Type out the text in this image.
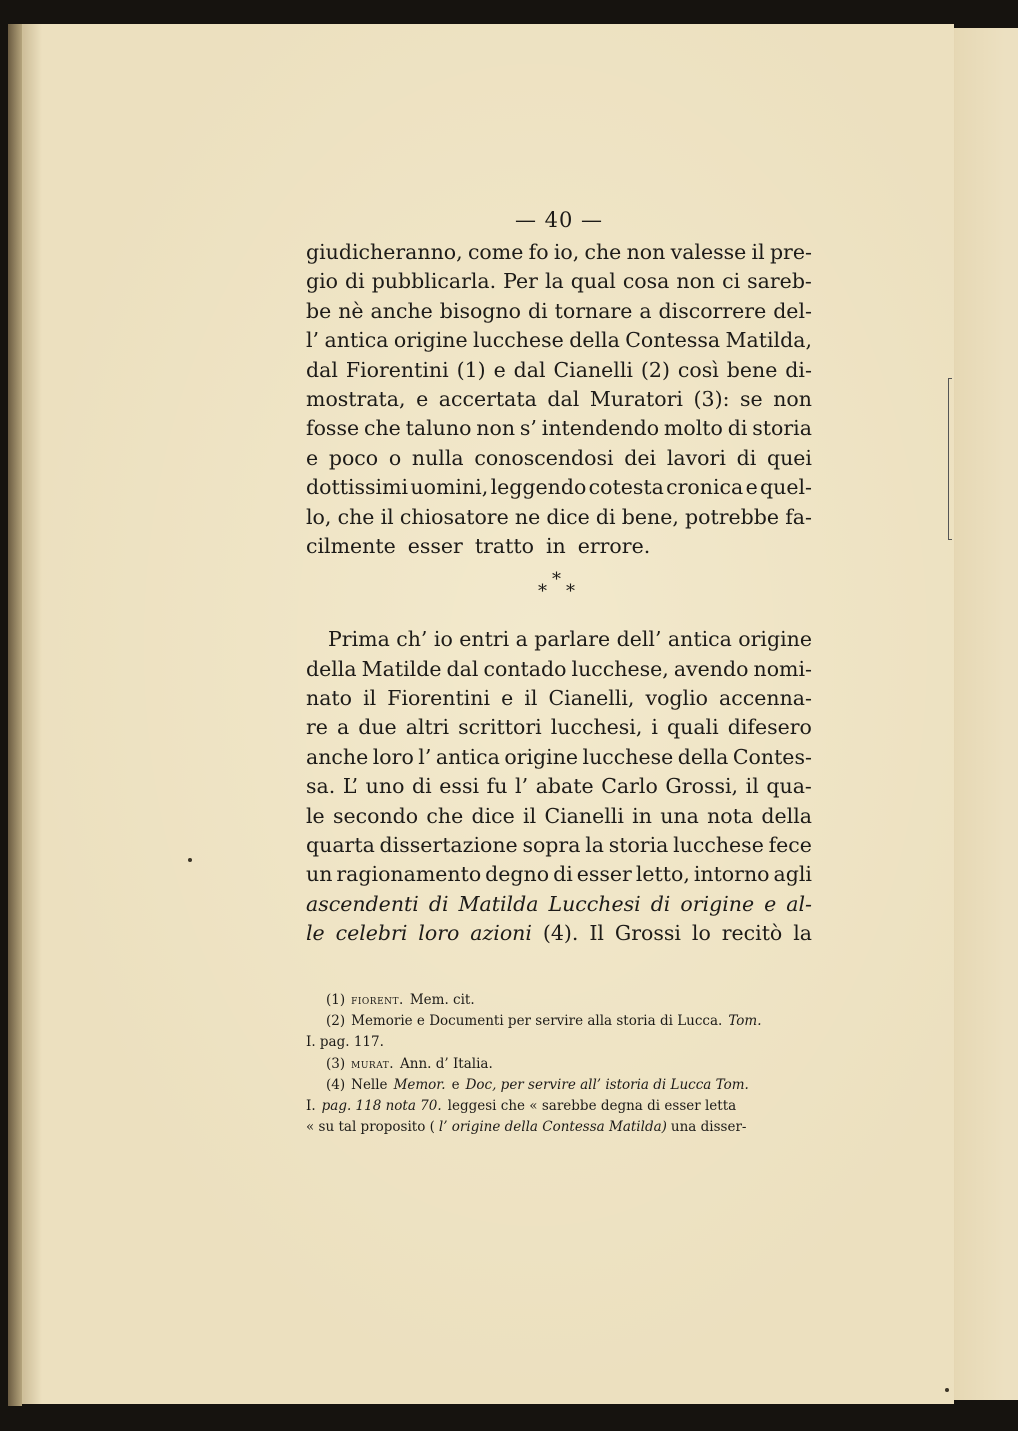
— 40 —
giudicheranno, come fo io, che non valesse il pre-
gio di pubblicarla. Per la qual cosa non ci sareb-
be nè anche bisogno di tornare a discorrere del-
l’ antica origine lucchese della Contessa Matilda,
dal Fiorentini (1) e dal Cianelli (2) così bene di-
mostrata, e accertata dal Muratori (3): se non
fosse che taluno non s’ intendendo molto di storia
e poco o nulla conoscendosi dei lavori di quei
dottissimi uomini, leggendo cotesta cronica e quel-
lo, che il chiosatore ne dice di bene, potrebbe fa-
cilmente esser tratto in errore.
*
* *
Prima ch’ io entri a parlare dell’ antica origine
della Matilde dal contado lucchese, avendo nomi-
nato il Fiorentini e il Cianelli, voglio accenna-
re a due altri scrittori lucchesi, i quali difesero
anche loro l’ antica origine lucchese della Contes-
sa. L’ uno di essi fu l’ abate Carlo Grossi, il qua-
le secondo che dice il Cianelli in una nota della
quarta dissertazione sopra la storia lucchese fece
un ragionamento degno di esser letto, intorno agli
ascendenti di Matilda Lucchesi di origine e al-
le celebri loro azioni (4). Il Grossi lo recitò la
(1) fiorent. Mem. cit.
(2) Memorie e Documenti per servire alla storia di Lucca. Tom.
I. pag. 117.
(3) murat. Ann. d’ Italia.
(4) Nelle Memor. e Doc, per servire all’ istoria di Lucca Tom.
I. pag. 118 nota 70. leggesi che « sarebbe degna di esser letta
« su tal proposito ( l’ origine della Contessa Matilda) una disser-
